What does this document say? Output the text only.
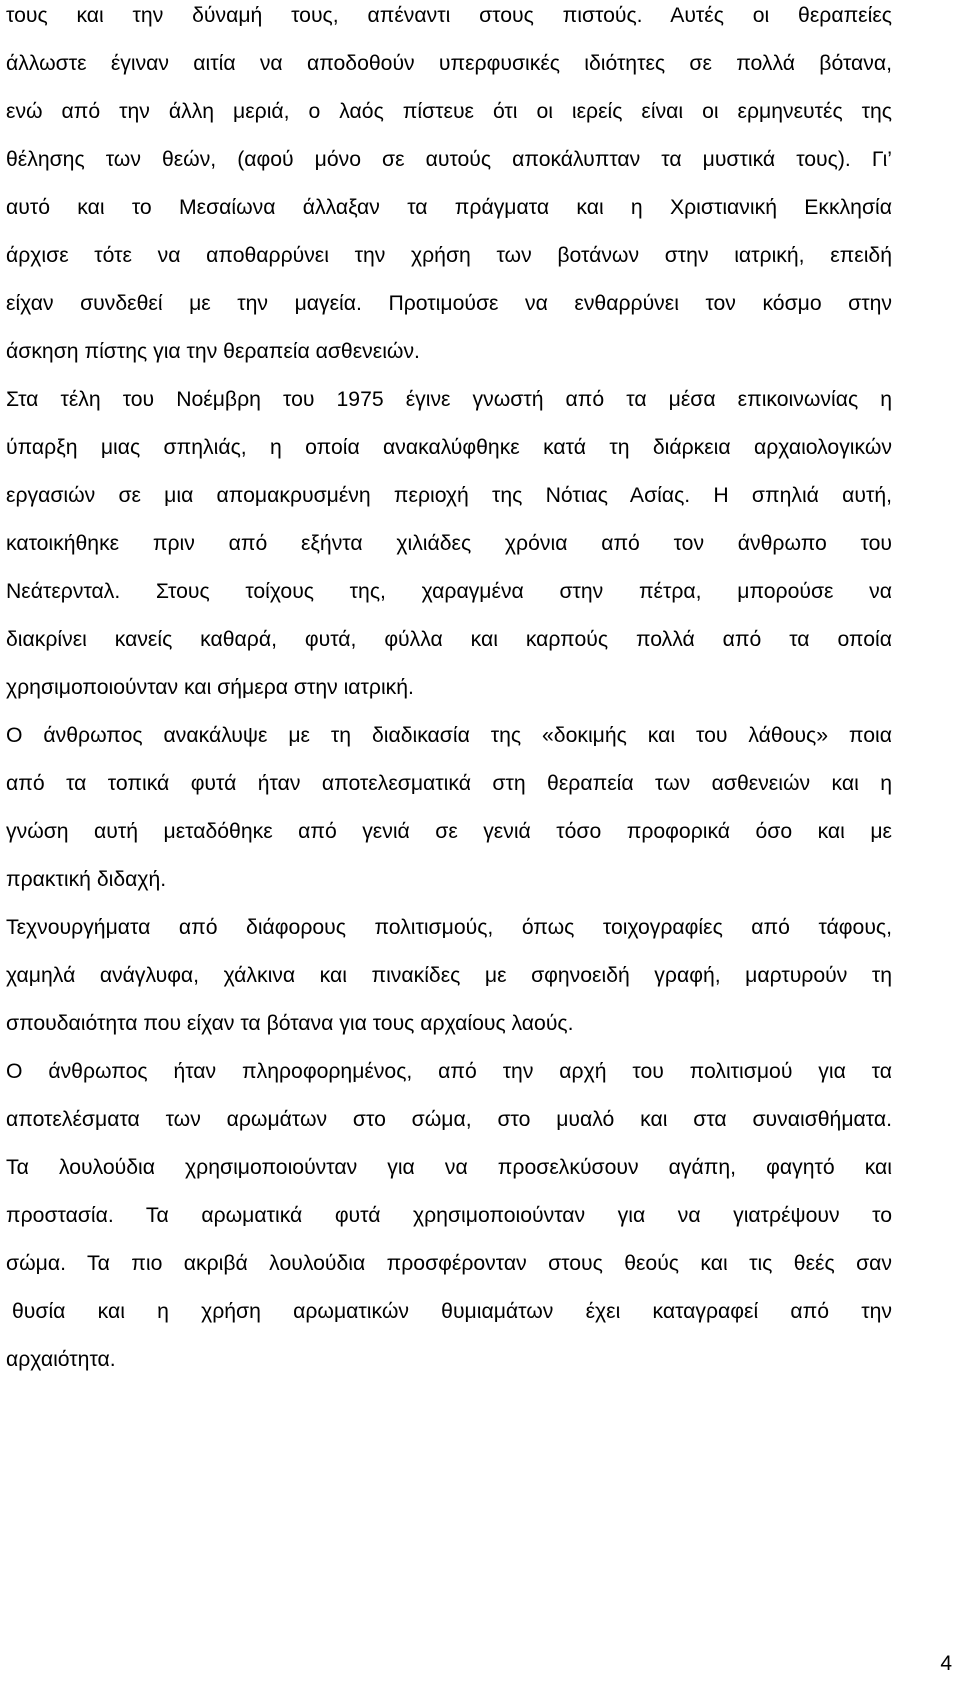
τους και την δύναμή τους, απέναντι στους πιστούς. Αυτές οι θεραπείες
άλλωστε έγιναν αιτία να αποδοθούν υπερφυσικές ιδιότητες σε πολλά βότανα,
ενώ από την άλλη μεριά, ο λαός πίστευε ότι οι ιερείς είναι οι ερμηνευτές της
θέλησης των θεών, (αφού μόνο σε αυτούς αποκάλυπταν τα μυστικά τους). Γι’
αυτό και το Μεσαίωνα άλλαξαν τα πράγματα και η Χριστιανική Εκκλησία
άρχισε τότε να αποθαρρύνει την χρήση των βοτάνων στην ιατρική, επειδή
είχαν συνδεθεί με την μαγεία. Προτιμούσε να ενθαρρύνει τον κόσμο στην
άσκηση πίστης για την θεραπεία ασθενειών.
Στα τέλη του Νοέμβρη του 1975 έγινε γνωστή από τα μέσα επικοινωνίας η
ύπαρξη μιας σπηλιάς, η οποία ανακαλύφθηκε κατά τη διάρκεια αρχαιολογικών
εργασιών σε μια απομακρυσμένη περιοχή της Νότιας Ασίας. Η σπηλιά αυτή,
κατοικήθηκε πριν από εξήντα χιλιάδες χρόνια από τον άνθρωπο του
Νεάτερνταλ. Στους τοίχους της, χαραγμένα στην πέτρα, μπορούσε να
διακρίνει κανείς καθαρά, φυτά, φύλλα και καρπούς πολλά από τα οποία
χρησιμοποιούνταν και σήμερα στην ιατρική.
Ο άνθρωπος ανακάλυψε με τη διαδικασία της «δοκιμής και του λάθους» ποια
από τα τοπικά φυτά ήταν αποτελεσματικά στη θεραπεία των ασθενειών και η
γνώση αυτή μεταδόθηκε από γενιά σε γενιά τόσο προφορικά όσο και με
πρακτική διδαχή.
Τεχνουργήματα από διάφορους πολιτισμούς, όπως τοιχογραφίες από τάφους,
χαμηλά ανάγλυφα, χάλκινα και πινακίδες με σφηνοειδή γραφή, μαρτυρούν τη
σπουδαιότητα που είχαν τα βότανα για τους αρχαίους λαούς.
Ο άνθρωπος ήταν πληροφορημένος, από την αρχή του πολιτισμού για τα
αποτελέσματα των αρωμάτων στο σώμα, στο μυαλό και στα συναισθήματα.
Τα λουλούδια χρησιμοποιούνταν για να προσελκύσουν αγάπη, φαγητό και
προστασία. Τα αρωματικά φυτά χρησιμοποιούνταν για να γιατρέψουν το
σώμα. Τα πιο ακριβά λουλούδια προσφέρονταν στους θεούς και τις θεές σαν
θυσία και η χρήση αρωματικών θυμιαμάτων έχει καταγραφεί από την
αρχαιότητα.
4
